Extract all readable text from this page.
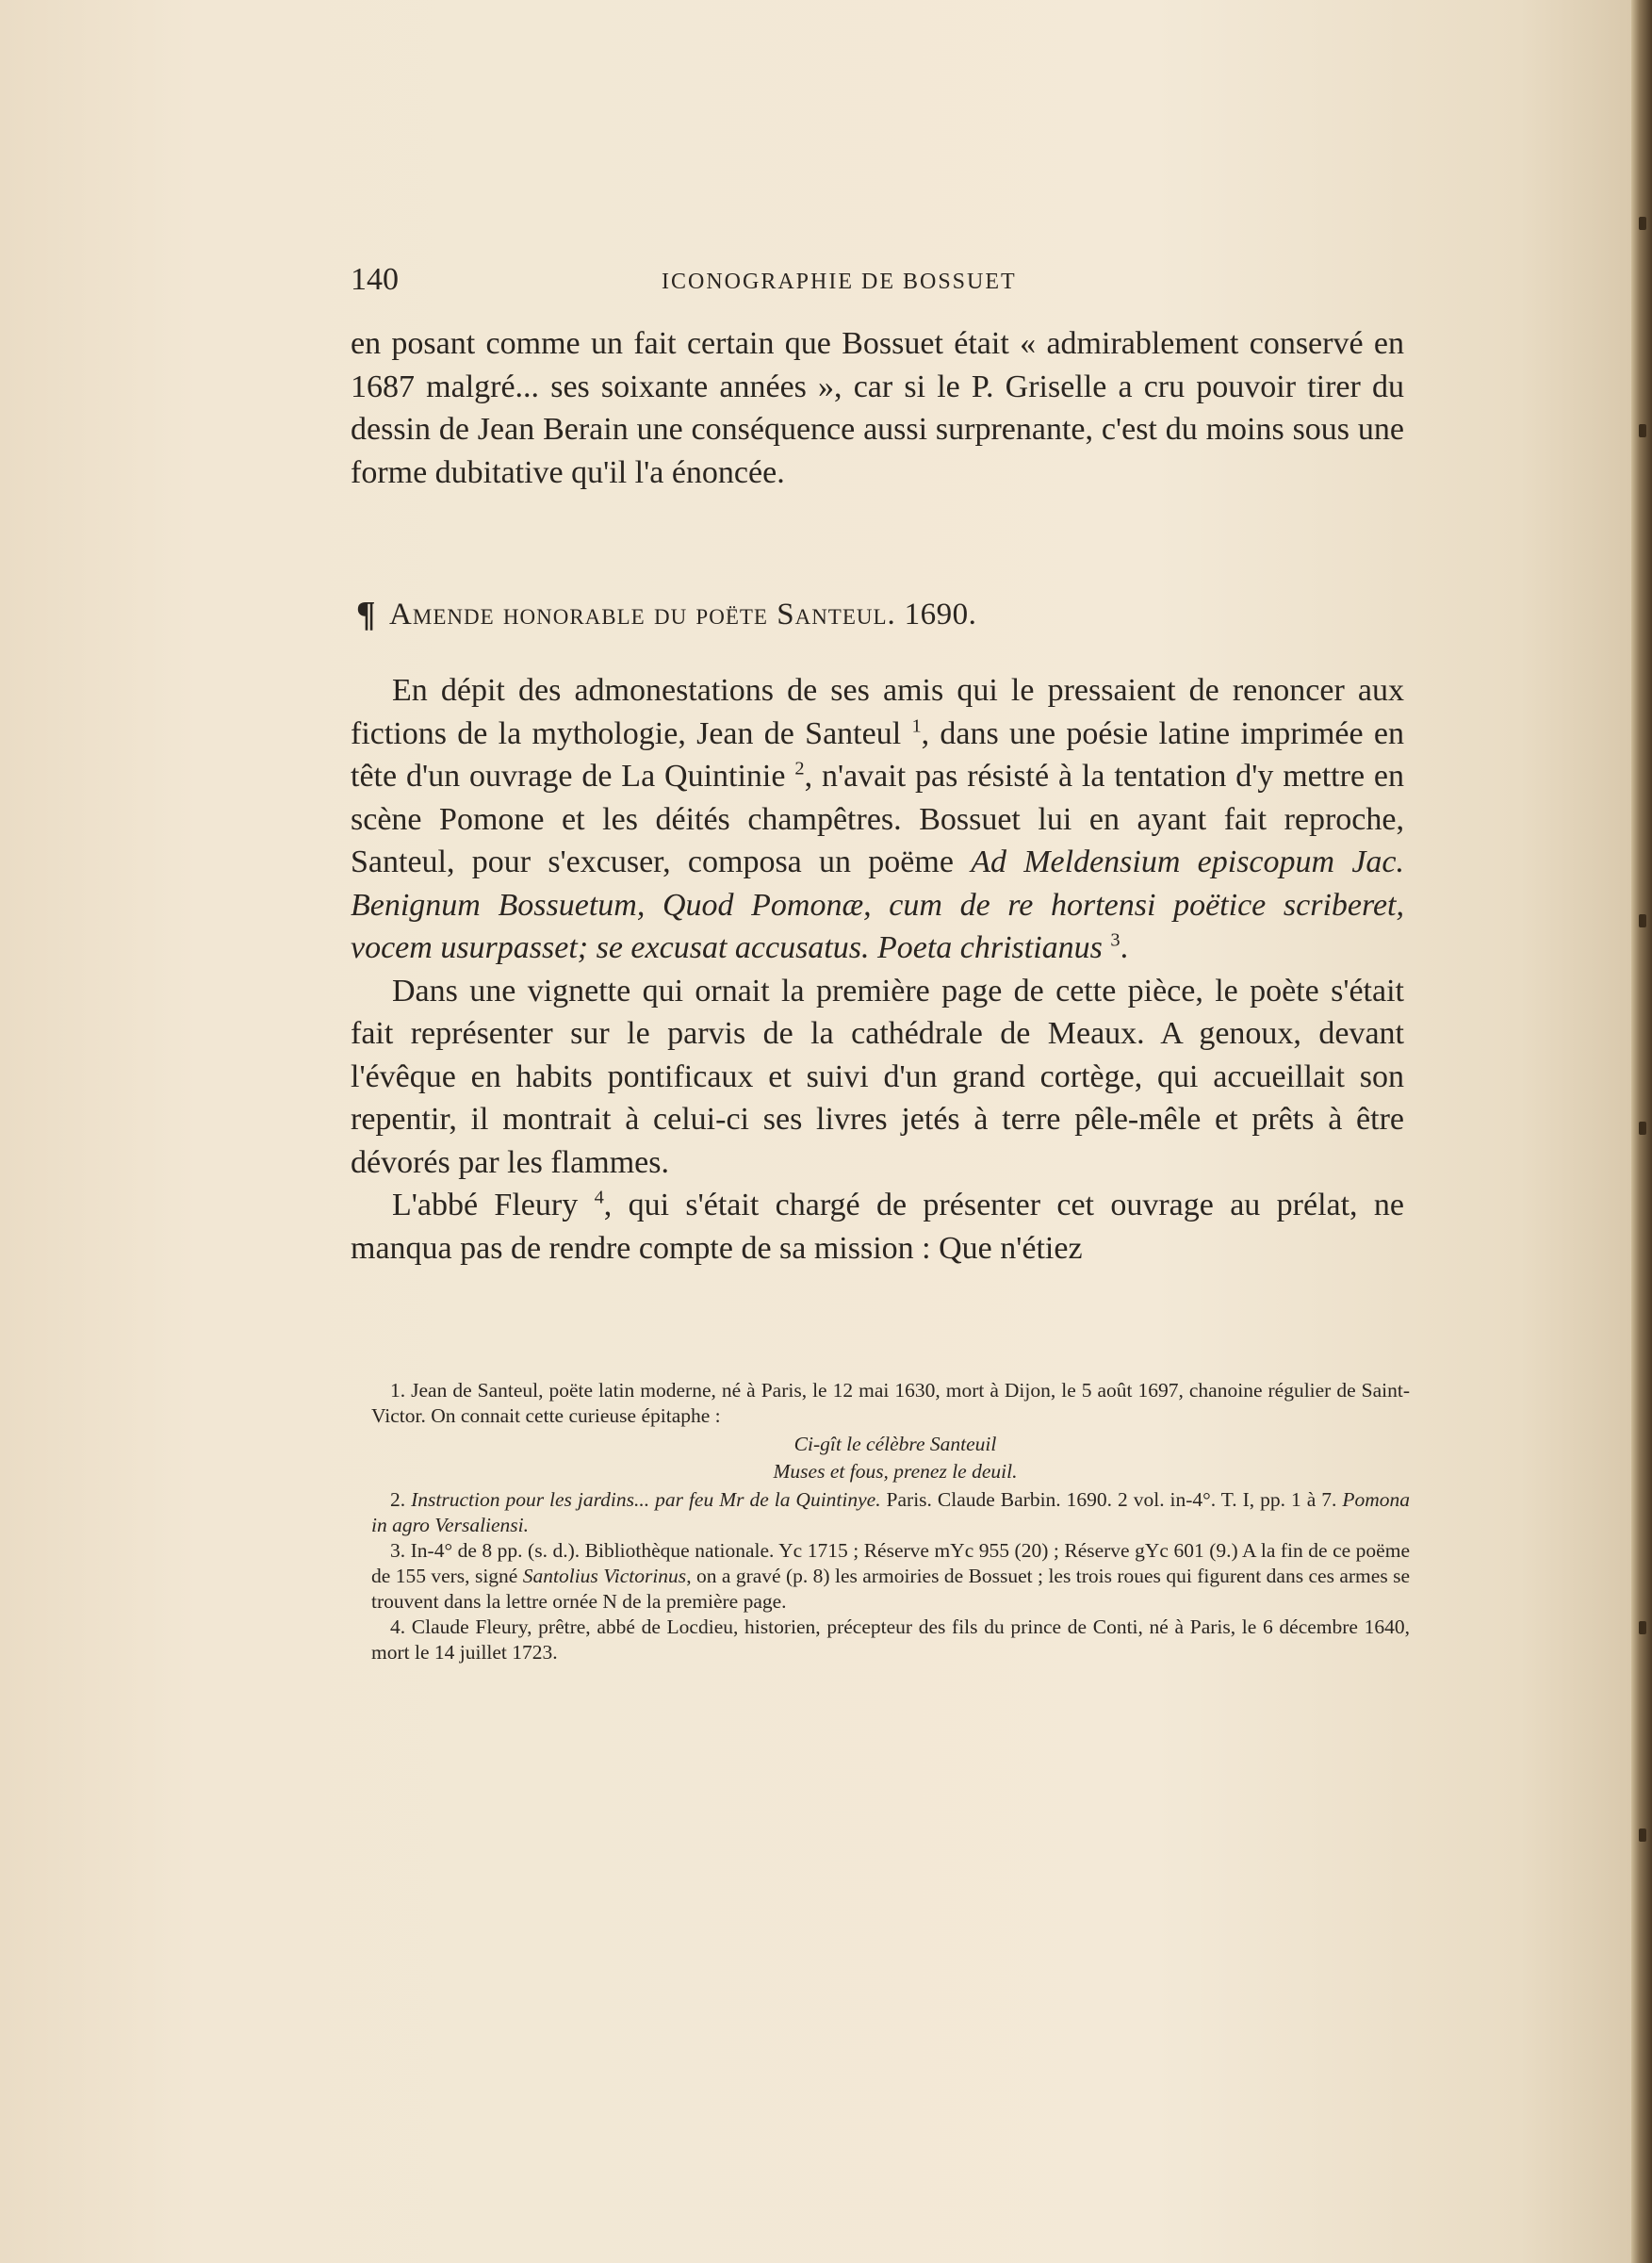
140	ICONOGRAPHIE DE BOSSUET

en posant comme un fait certain que Bossuet était « admirablement conservé en 1687 malgré... ses soixante années », car si le P. Griselle a cru pouvoir tirer du dessin de Jean Berain une conséquence aussi surprenante, c'est du moins sous une forme dubitative qu'il l'a énoncée.

¶ Amende honorable du poëte Santeul. 1690.

En dépit des admonestations de ses amis qui le pressaient de renoncer aux fictions de la mythologie, Jean de Santeul $^1$, dans une poésie latine imprimée en tête d'un ouvrage de La Quintinie $^2$, n'avait pas résisté à la tentation d'y mettre en scène Pomone et les déités champêtres. Bossuet lui en ayant fait reproche, Santeul, pour s'excuser, composa un poëme Ad Meldensium episcopum Jac. Benignum Bossuetum, Quod Pomonæ, cum de re hortensi poëtice scriberet, vocem usurpasset; se excusat accusatus. Poeta christianus $^3$.

Dans une vignette qui ornait la première page de cette pièce, le poète s'était fait représenter sur le parvis de la cathédrale de Meaux. A genoux, devant l'évêque en habits pontificaux et suivi d'un grand cortège, qui accueillait son repentir, il montrait à celui-ci ses livres jetés à terre pêle-mêle et prêts à être dévorés par les flammes.

L'abbé Fleury $^4$, qui s'était chargé de présenter cet ouvrage au prélat, ne manqua pas de rendre compte de sa mission : Que n'étiez

1. Jean de Santeul, poëte latin moderne, né à Paris, le 12 mai 1630, mort à Dijon, le 5 août 1697, chanoine régulier de Saint-Victor. On connait cette curieuse épitaphe :

Ci-gît le célèbre Santeuil
Muses et fous, prenez le deuil.

2. Instruction pour les jardins... par feu Mr de la Quintinye. Paris. Claude Barbin. 1690. 2 vol. in-4°. T. I, pp. 1 à 7. Pomona in agro Versaliensi.

3. In-4° de 8 pp. (s. d.). Bibliothèque nationale. Yc 1715 ; Réserve mYc 955 (20) ; Réserve gYc 601 (9.) A la fin de ce poëme de 155 vers, signé Santolius Victorinus, on a gravé (p. 8) les armoiries de Bossuet ; les trois roues qui figurent dans ces armes se trouvent dans la lettre ornée N de la première page.

4. Claude Fleury, prêtre, abbé de Locdieu, historien, précepteur des fils du prince de Conti, né à Paris, le 6 décembre 1640, mort le 14 juillet 1723.
